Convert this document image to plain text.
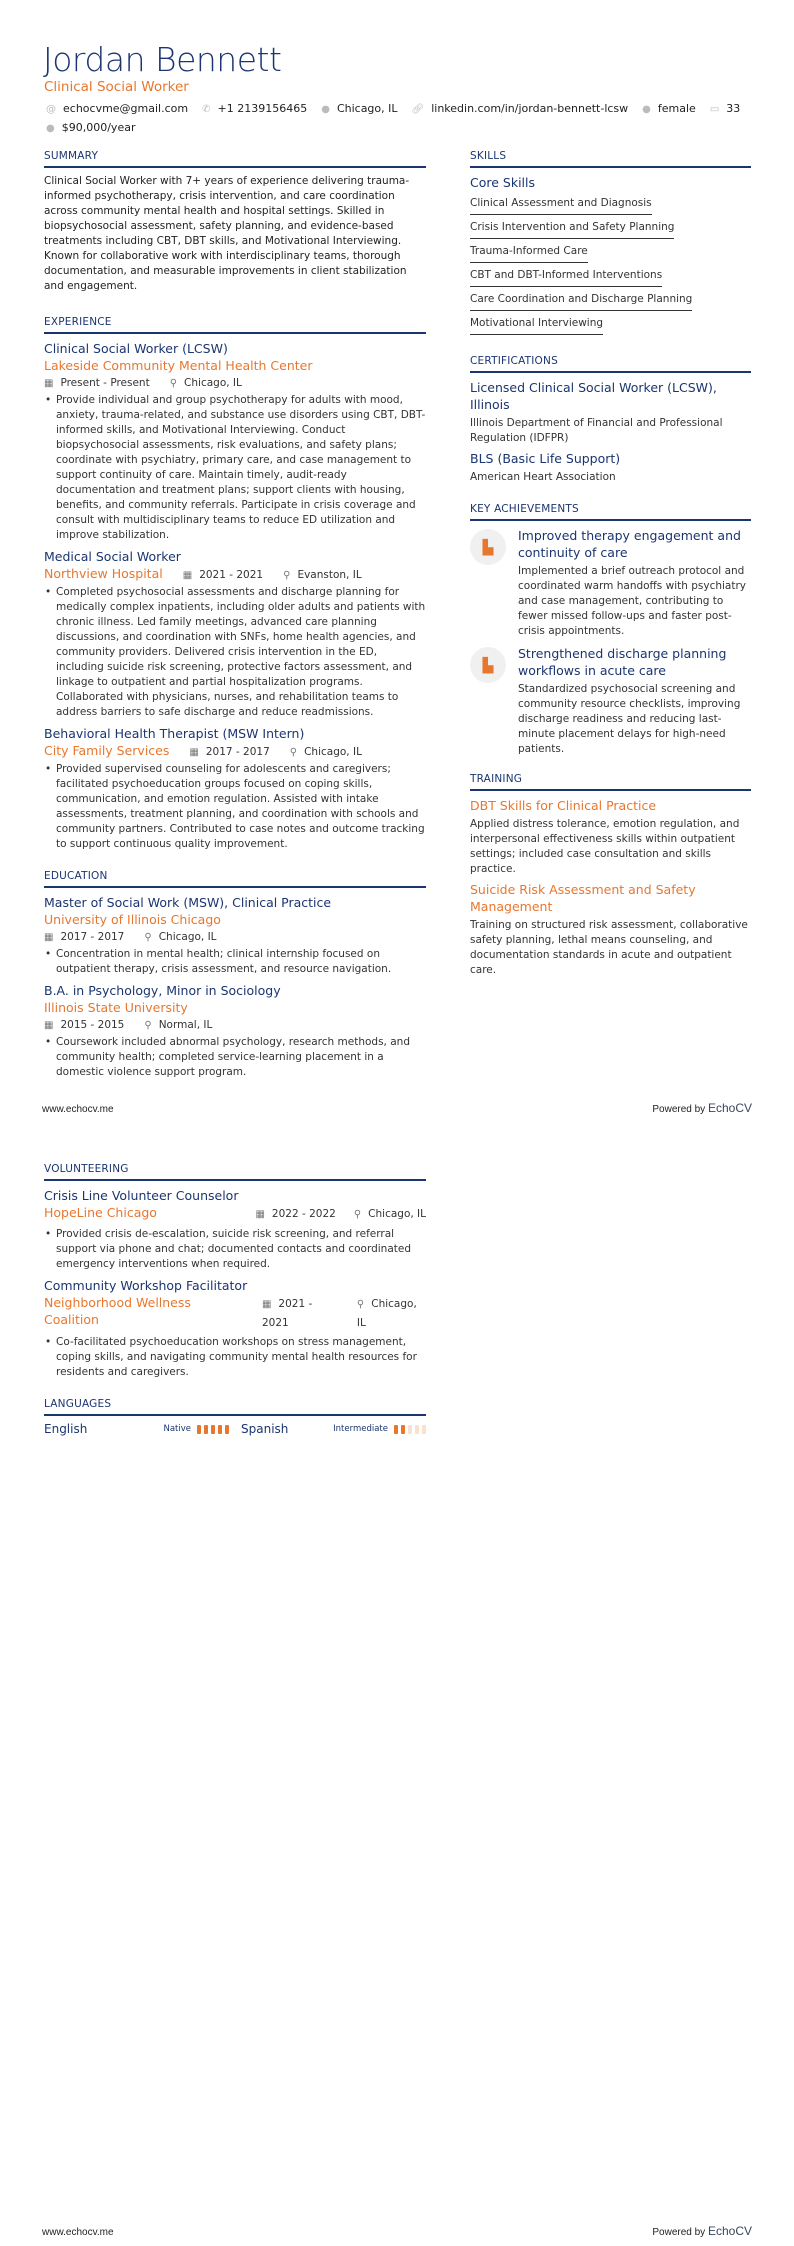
Jordan Bennett
Clinical Social Worker
@ echocvme@gmail.com ✆ +1 2139156465 ● Chicago, IL 🔗︎ linkedin.com/in/jordan-bennett-lcsw ● female ▭ 33
● $90,000/year
SUMMARY

Clinical Social Worker with 7+ years of experience delivering trauma-informed psychotherapy, crisis intervention, and care coordination across community mental health and hospital settings. Skilled in biopsychosocial assessment, safety planning, and evidence-based treatments including CBT, DBT skills, and Motivational Interviewing. Known for collaborative work with interdisciplinary teams, thorough documentation, and measurable improvements in client stabilization and engagement.

EXPERIENCE
Clinical Social Worker (LCSW)
Lakeside Community Mental Health Center
▦ Present - Present ⚲ Chicago, IL
• Provide individual and group psychotherapy for adults with mood, anxiety, trauma-related, and substance use disorders using CBT, DBT-informed skills, and Motivational Interviewing. Conduct biopsychosocial assessments, risk evaluations, and safety plans; coordinate with psychiatry, primary care, and case management to support continuity of care. Maintain timely, audit-ready documentation and treatment plans; support clients with housing, benefits, and community referrals. Participate in crisis coverage and consult with multidisciplinary teams to reduce ED utilization and improve stabilization.
Medical Social Worker
Northview Hospital ▦ 2021 - 2021 ⚲ Evanston, IL
• Completed psychosocial assessments and discharge planning for medically complex inpatients, including older adults and patients with chronic illness. Led family meetings, advanced care planning discussions, and coordination with SNFs, home health agencies, and community providers. Delivered crisis intervention in the ED, including suicide risk screening, protective factors assessment, and linkage to outpatient and partial hospitalization programs. Collaborated with physicians, nurses, and rehabilitation teams to address barriers to safe discharge and reduce readmissions.
Behavioral Health Therapist (MSW Intern)
City Family Services ▦ 2017 - 2017 ⚲ Chicago, IL
• Provided supervised counseling for adolescents and caregivers; facilitated psychoeducation groups focused on coping skills, communication, and emotion regulation. Assisted with intake assessments, treatment planning, and coordination with schools and community partners. Contributed to case notes and outcome tracking to support continuous quality improvement.
EDUCATION
Master of Social Work (MSW), Clinical Practice
University of Illinois Chicago
▦ 2017 - 2017 ⚲ Chicago, IL
• Concentration in mental health; clinical internship focused on outpatient therapy, crisis assessment, and resource navigation.
B.A. in Psychology, Minor in Sociology
Illinois State University
▦ 2015 - 2015 ⚲ Normal, IL
• Coursework included abnormal psychology, research methods, and community health; completed service-learning placement in a domestic violence support program.
SKILLS
Core Skills
Clinical Assessment and Diagnosis
Crisis Intervention and Safety Planning
Trauma-Informed Care
CBT and DBT-Informed Interventions
Care Coordination and Discharge Planning
Motivational Interviewing
CERTIFICATIONS
Licensed Clinical Social Worker (LCSW), Illinois
Illinois Department of Financial and Professional Regulation (IDFPR)
BLS (Basic Life Support)
American Heart Association
KEY ACHIEVEMENTS
▙
Improved therapy engagement and continuity of care
Implemented a brief outreach protocol and coordinated warm handoffs with psychiatry and case management, contributing to fewer missed follow-ups and faster post-crisis appointments.
▙
Strengthened discharge planning workflows in acute care
Standardized psychosocial screening and community resource checklists, improving discharge readiness and reducing last-minute placement delays for high-need patients.
TRAINING
DBT Skills for Clinical Practice
Applied distress tolerance, emotion regulation, and interpersonal effectiveness skills within outpatient settings; included case consultation and skills practice.
Suicide Risk Assessment and Safety Management
Training on structured risk assessment, collaborative safety planning, lethal means counseling, and documentation standards in acute and outpatient care.
www.echocv.me	Powered by EchoCV
VOLUNTEERING
Crisis Line Volunteer Counselor
HopeLine Chicago	▦ 2022 - 2022 ⚲ Chicago, IL
• Provided crisis de-escalation, suicide risk screening, and referral support via phone and chat; documented contacts and coordinated emergency interventions when required.
Community Workshop Facilitator
Neighborhood Wellness Coalition
▦ 2021 - 2021
⚲ Chicago, IL
• Co-facilitated psychoeducation workshops on stress management, coping skills, and navigating community mental health resources for residents and caregivers.
LANGUAGES
English	Native	Spanish	Intermediate
www.echocv.me	Powered by EchoCV
